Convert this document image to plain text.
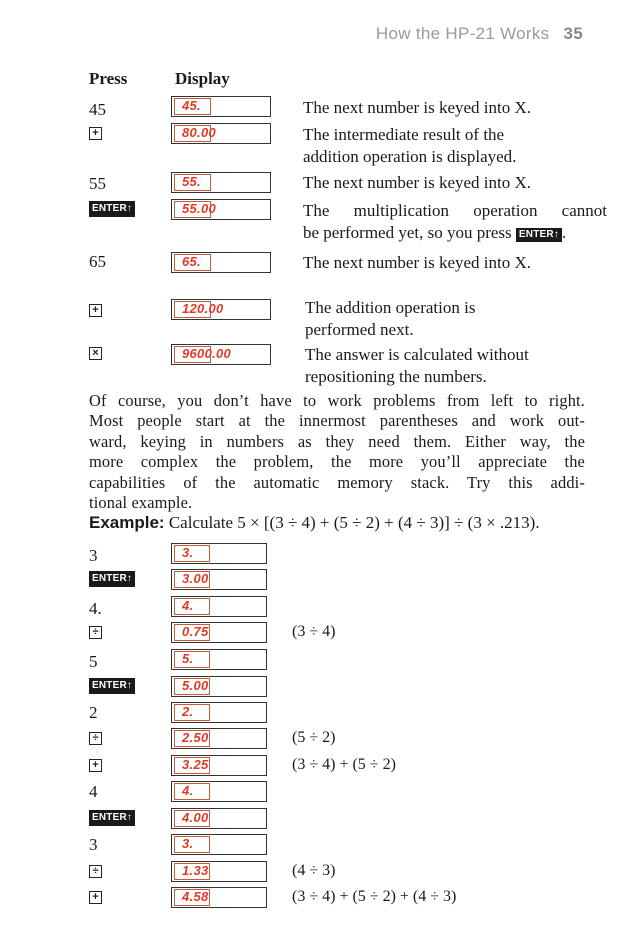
How the HP-21 Works 35
Press	Display
45	45.	The next number is keyed into X.
+	80.00	The intermediate result of the
addition operation is displayed.
55	55.	The next number is keyed into X.
ENTER↑	55.00	The multiplication operation cannot
be performed yet, so you press ENTER↑ .
65	65.	The next number is keyed into X.
+	120.00	The addition operation is
performed next.
×	9600.00	The answer is calculated without
repositioning the numbers.
Of course, you don’t have to work problems from left to right.
Most people start at the innermost parentheses and work out-
ward, keying in numbers as they need them. Either way, the
more complex the problem, the more you’ll appreciate the
capabilities of the automatic memory stack. Try this addi-
tional example.
Example: Calculate 5 × [(3 ÷ 4) + (5 ÷ 2) + (4 ÷ 3)] ÷ (3 × .213).
3	3.
ENTER↑	3.00
4.	4.
÷	0.75	(3 ÷ 4)
5	5.
ENTER↑	5.00
2	2.
÷	2.50	(5 ÷ 2)
+	3.25	(3 ÷ 4) + (5 ÷ 2)
4	4.
ENTER↑	4.00
3	3.
÷	1.33	(4 ÷ 3)
+	4.58	(3 ÷ 4) + (5 ÷ 2) + (4 ÷ 3)
